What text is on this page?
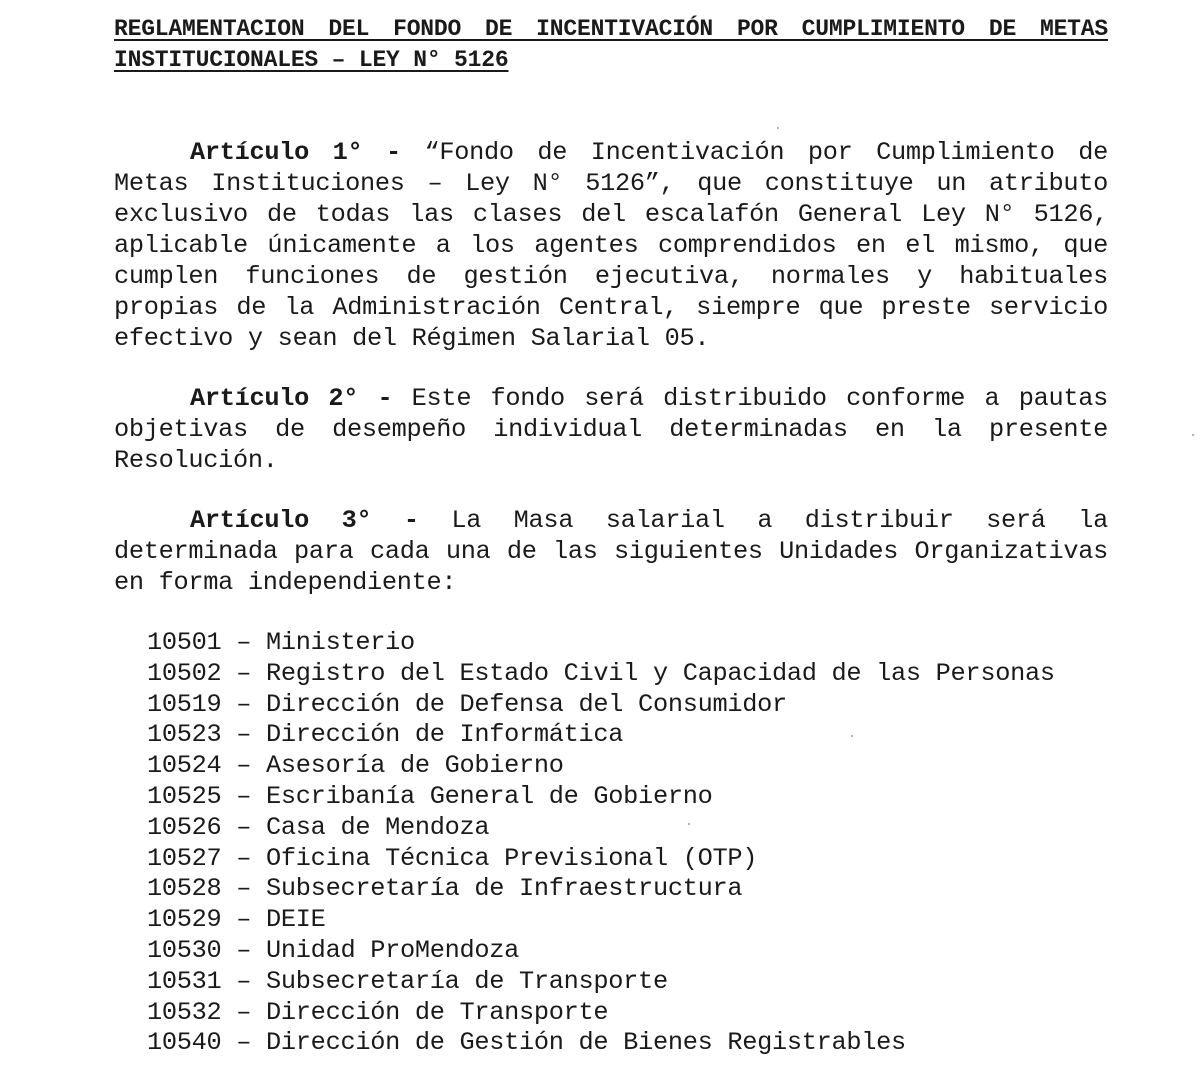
REGLAMENTACION DEL FONDO DE INCENTIVACIÓN POR CUMPLIMIENTO DE METAS INSTITUCIONALES – LEY N° 5126

Artículo 1° - “Fondo de Incentivación por Cumplimiento de Metas Instituciones – Ley N° 5126”, que constituye un atributo exclusivo de todas las clases del escalafón General Ley N° 5126, aplicable únicamente a los agentes comprendidos en el mismo, que cumplen funciones de gestión ejecutiva, normales y habituales propias de la Administración Central, siempre que preste servicio efectivo y sean del Régimen Salarial 05.

Artículo 2° - Este fondo será distribuido conforme a pautas objetivas de desempeño individual determinadas en la presente Resolución.

Artículo 3° - La Masa salarial a distribuir será la determinada para cada una de las siguientes Unidades Organizativas en forma independiente:

10501 – Ministerio
10502 – Registro del Estado Civil y Capacidad de las Personas
10519 – Dirección de Defensa del Consumidor
10523 – Dirección de Informática
10524 – Asesoría de Gobierno
10525 – Escribanía General de Gobierno
10526 – Casa de Mendoza
10527 – Oficina Técnica Previsional (OTP)
10528 – Subsecretaría de Infraestructura
10529 – DEIE
10530 – Unidad ProMendoza
10531 – Subsecretaría de Transporte
10532 – Dirección de Transporte
10540 – Dirección de Gestión de Bienes Registrables
